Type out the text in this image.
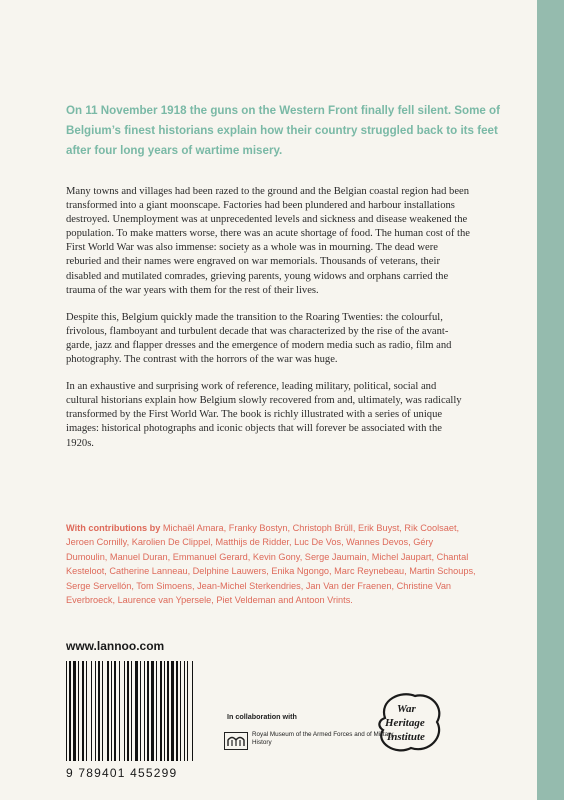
On 11 November 1918 the guns on the Western Front finally fell silent. Some of Belgium’s finest historians explain how their country struggled back to its feet after four long years of wartime misery.

Many towns and villages had been razed to the ground and the Belgian coastal region had been transformed into a giant moonscape. Factories had been plundered and harbour installations destroyed. Unemployment was at unprecedented levels and sickness and disease weakened the population. To make matters worse, there was an acute shortage of food. The human cost of the First World War was also immense: society as a whole was in mourning. The dead were reburied and their names were engraved on war memorials. Thousands of veterans, their disabled and mutilated comrades, grieving parents, young widows and orphans carried the trauma of the war years with them for the rest of their lives.

Despite this, Belgium quickly made the transition to the Roaring Twenties: the colourful, frivolous, flamboyant and turbulent decade that was characterized by the rise of the avant-garde, jazz and flapper dresses and the emergence of modern media such as radio, film and photography. The contrast with the horrors of the war was huge.

In an exhaustive and surprising work of reference, leading military, political, social and cultural historians explain how Belgium slowly recovered from and, ultimately, was radically transformed by the First World War. The book is richly illustrated with a series of unique images: historical photographs and iconic objects that will forever be associated with the 1920s.

With contributions by Michaël Amara, Franky Bostyn, Christoph Brüll, Erik Buyst, Rik Coolsaet, Jeroen Cornilly, Karolien De Clippel, Matthijs de Ridder, Luc De Vos, Wannes Devos, Géry Dumoulin, Manuel Duran, Emmanuel Gerard, Kevin Gony, Serge Jaumain, Michel Jaupart, Chantal Kesteloot, Catherine Lanneau, Delphine Lauwers, Enika Ngongo, Marc Reynebeau, Martin Schoups, Serge Servellón, Tom Simoens, Jean-Michel Sterkendries, Jan Van der Fraenen, Christine Van Everbroeck, Laurence van Ypersele, Piet Veldeman and Antoon Vrints.
www.lannoo.com
9 789401 455299
In collaboration with
Royal Museum of the Armed Forces and of Military History
War
Heritage
Institute
